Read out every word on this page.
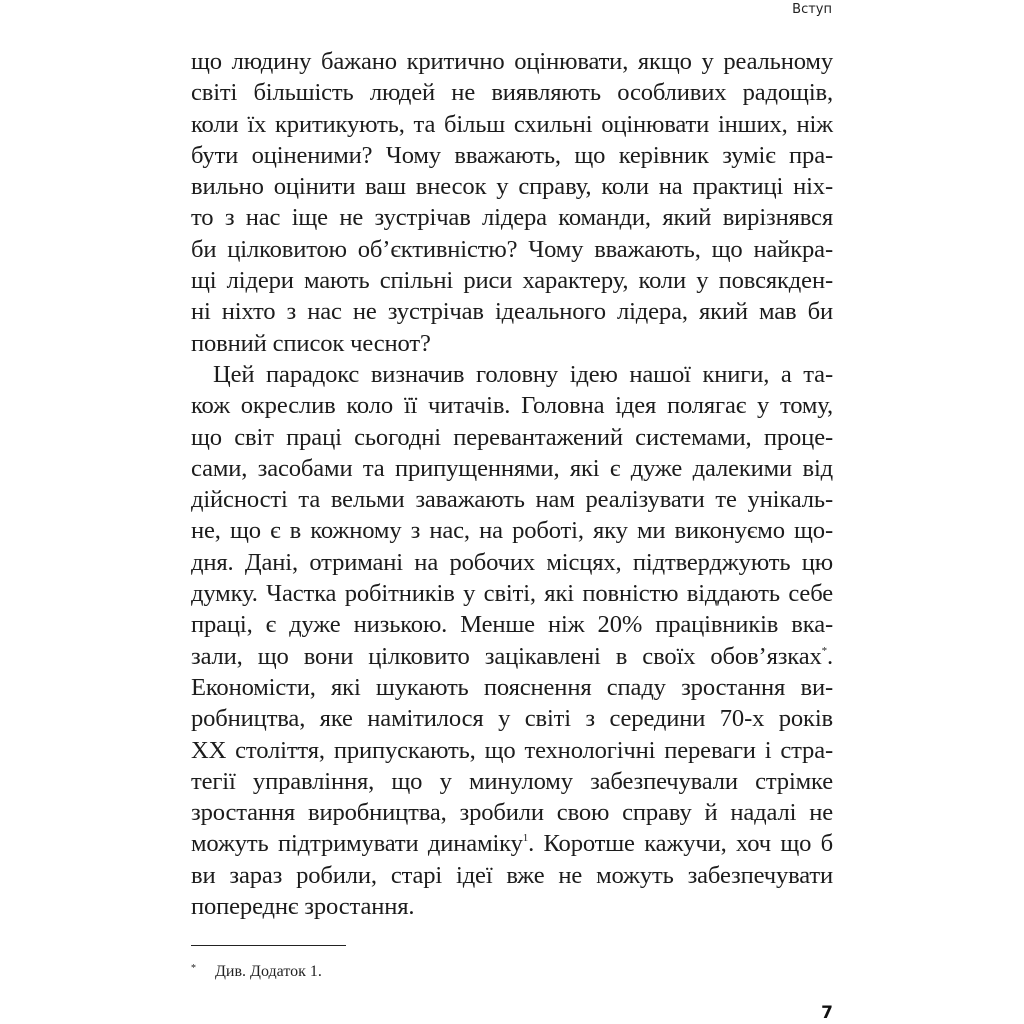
Вступ
що людину бажано критично оцінювати, якщо у реальному
світі більшість людей не виявляють особливих радощів,
коли їх критикують, та більш схильні оцінювати інших, ніж
бути оціненими? Чому вважають, що керівник зуміє пра-
вильно оцінити ваш внесок у справу, коли на практиці ніх-
то з нас іще не зустрічав лідера команди, який вирізнявся
би цілковитою об’єктивністю? Чому вважають, що найкра-
щі лідери мають спільні риси характеру, коли у повсякден-
ні ніхто з нас не зустрічав ідеального лідера, який мав би
повний список чеснот?
Цей парадокс визначив головну ідею нашої книги, а та-
кож окреслив коло її читачів. Головна ідея полягає у тому,
що світ праці сьогодні перевантажений системами, проце-
сами, засобами та припущеннями, які є дуже далекими від
дійсності та вельми заважають нам реалізувати те унікаль-
не, що є в кожному з нас, на роботі, яку ми виконуємо що-
дня. Дані, отримані на робочих місцях, підтверджують цю
думку. Частка робітників у світі, які повністю віддають себе
праці, є дуже низькою. Менше ніж 20% працівників вка-
зали, що вони цілковито зацікавлені в своїх обов’язках*.
Економісти, які шукають пояснення спаду зростання ви-
робництва, яке намітилося у світі з середини 70-х років
XX століття, припускають, що технологічні переваги і стра-
тегії управління, що у минулому забезпечували стрімке
зростання виробництва, зробили свою справу й надалі не
можуть підтримувати динаміку$^1$. Коротше кажучи, хоч що б
ви зараз робили, старі ідеї вже не можуть забезпечувати
попереднє зростання.
* Див. Додаток 1.
7
